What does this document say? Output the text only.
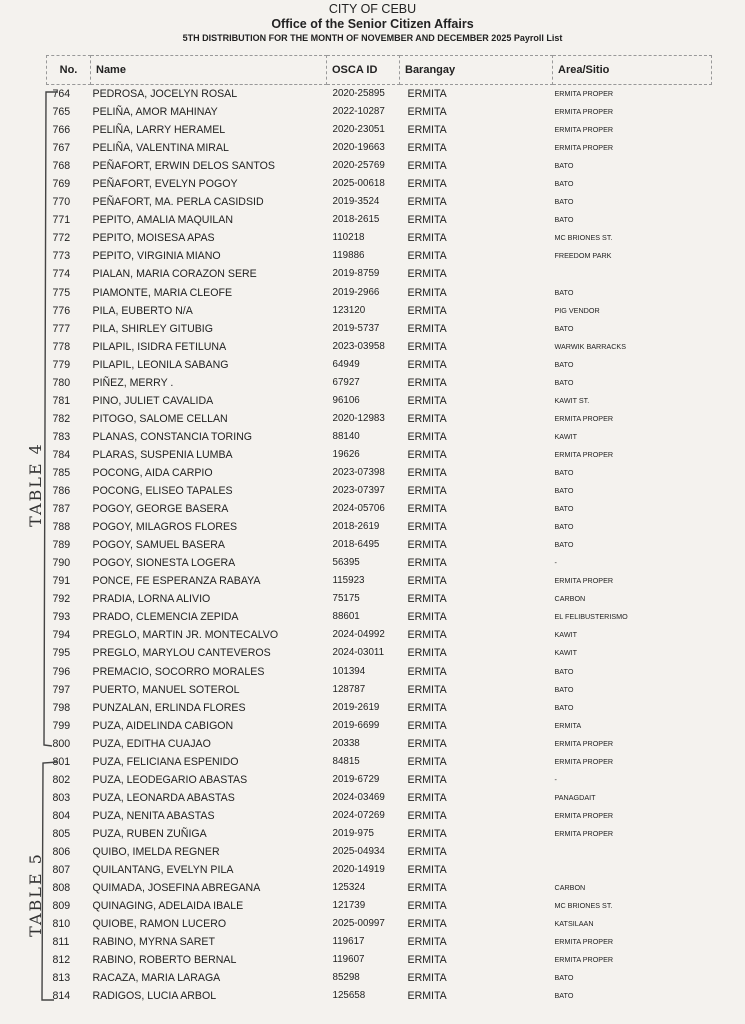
CITY OF CEBU
Office of the Senior Citizen Affairs
5TH DISTRIBUTION FOR THE MONTH OF NOVEMBER AND DECEMBER 2025 Payroll List
No.	Name	OSCA ID	Barangay	Area/Sitio
764	PEDROSA, JOCELYN ROSAL	2020-25895	ERMITA	ERMITA PROPER
765	PELIÑA, AMOR MAHINAY	2022-10287	ERMITA	ERMITA PROPER
766	PELIÑA, LARRY HERAMEL	2020-23051	ERMITA	ERMITA PROPER
767	PELIÑA, VALENTINA MIRAL	2020-19663	ERMITA	ERMITA PROPER
768	PEÑAFORT, ERWIN DELOS SANTOS	2020-25769	ERMITA	BATO
769	PEÑAFORT, EVELYN POGOY	2025-00618	ERMITA	BATO
770	PEÑAFORT, MA. PERLA CASIDSID	2019-3524	ERMITA	BATO
771	PEPITO, AMALIA MAQUILAN	2018-2615	ERMITA	BATO
772	PEPITO, MOISESA APAS	110218	ERMITA	MC BRIONES ST.
773	PEPITO, VIRGINIA MIANO	119886	ERMITA	FREEDOM PARK
774	PIALAN, MARIA CORAZON SERE	2019-8759	ERMITA	
775	PIAMONTE, MARIA CLEOFE	2019-2966	ERMITA	BATO
776	PILA, EUBERTO N/A	123120	ERMITA	PIG VENDOR
777	PILA, SHIRLEY GITUBIG	2019-5737	ERMITA	BATO
778	PILAPIL, ISIDRA FETILUNA	2023-03958	ERMITA	WARWIK BARRACKS
779	PILAPIL, LEONILA SABANG	64949	ERMITA	BATO
780	PIÑEZ, MERRY .	67927	ERMITA	BATO
781	PINO, JULIET CAVALIDA	96106	ERMITA	KAWIT ST.
782	PITOGO, SALOME CELLAN	2020-12983	ERMITA	ERMITA PROPER
783	PLANAS, CONSTANCIA TORING	88140	ERMITA	KAWIT
784	PLARAS, SUSPENIA LUMBA	19626	ERMITA	ERMITA PROPER
785	POCONG, AIDA CARPIO	2023-07398	ERMITA	BATO
786	POCONG, ELISEO TAPALES	2023-07397	ERMITA	BATO
787	POGOY, GEORGE BASERA	2024-05706	ERMITA	BATO
788	POGOY, MILAGROS FLORES	2018-2619	ERMITA	BATO
789	POGOY, SAMUEL BASERA	2018-6495	ERMITA	BATO
790	POGOY, SIONESTA LOGERA	56395	ERMITA	-
791	PONCE, FE ESPERANZA RABAYA	115923	ERMITA	ERMITA PROPER
792	PRADIA, LORNA ALIVIO	75175	ERMITA	CARBON
793	PRADO, CLEMENCIA ZEPIDA	88601	ERMITA	EL FELIBUSTERISMO
794	PREGLO, MARTIN JR. MONTECALVO	2024-04992	ERMITA	KAWIT
795	PREGLO, MARYLOU CANTEVEROS	2024-03011	ERMITA	KAWIT
796	PREMACIO, SOCORRO MORALES	101394	ERMITA	BATO
797	PUERTO, MANUEL SOTEROL	128787	ERMITA	BATO
798	PUNZALAN, ERLINDA FLORES	2019-2619	ERMITA	BATO
799	PUZA, AIDELINDA CABIGON	2019-6699	ERMITA	ERMITA
800	PUZA, EDITHA CUAJAO	20338	ERMITA	ERMITA PROPER
801	PUZA, FELICIANA ESPENIDO	84815	ERMITA	ERMITA PROPER
802	PUZA, LEODEGARIO ABASTAS	2019-6729	ERMITA	-
803	PUZA, LEONARDA ABASTAS	2024-03469	ERMITA	PANAGDAIT
804	PUZA, NENITA ABASTAS	2024-07269	ERMITA	ERMITA PROPER
805	PUZA, RUBEN ZUÑIGA	2019-975	ERMITA	ERMITA PROPER
806	QUIBO, IMELDA REGNER	2025-04934	ERMITA	
807	QUILANTANG, EVELYN PILA	2020-14919	ERMITA	
808	QUIMADA, JOSEFINA ABREGANA	125324	ERMITA	CARBON
809	QUINAGING, ADELAIDA IBALE	121739	ERMITA	MC BRIONES ST.
810	QUIOBE, RAMON LUCERO	2025-00997	ERMITA	KATSILAAN
811	RABINO, MYRNA SARET	119617	ERMITA	ERMITA PROPER
812	RABINO, ROBERTO BERNAL	119607	ERMITA	ERMITA PROPER
813	RACAZA, MARIA LARAGA	85298	ERMITA	BATO
814	RADIGOS, LUCIA ARBOL	125658	ERMITA	BATO
TABLE 4
TABLE 5
